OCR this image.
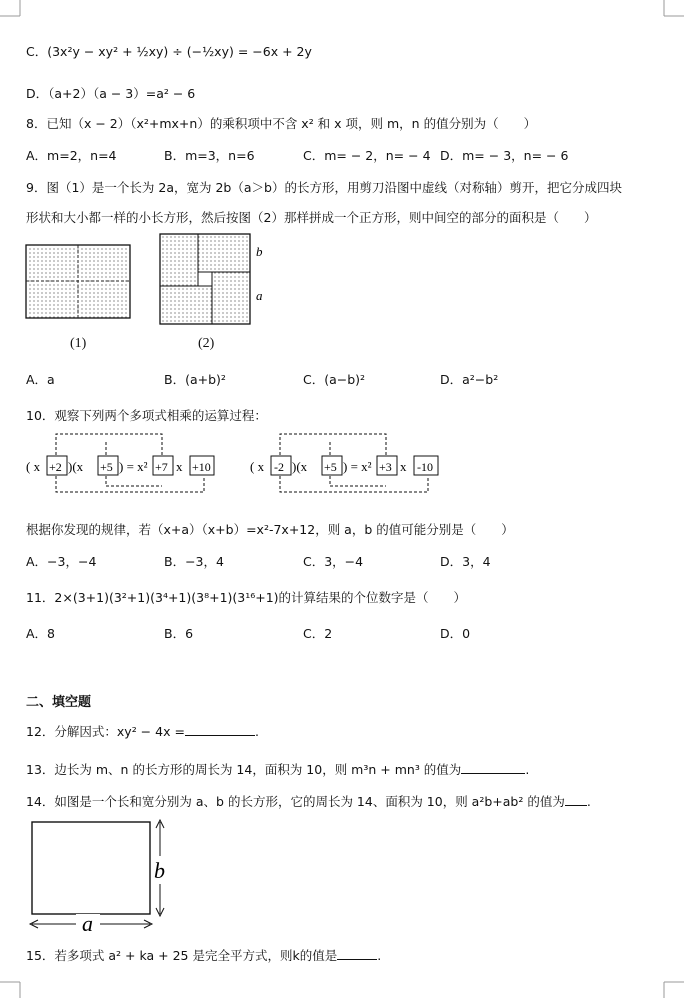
C．(3x²y − xy² + ½xy) ÷ (−½xy) = −6x + 2y
D．（a+2）（a − 3）=a² − 6
8．已知（x − 2）（x²+mx+n）的乘积项中不含 x² 和 x 项，则 m，n 的值分别为（　　）
A．m=2，n=4	B．m=3，n=6	C．m= − 2，n= − 4 D．m= − 3，n= − 6
9．图（1）是一个长为 2a，宽为 2b（a＞b）的长方形，用剪刀沿图中虚线（对称轴）剪开，把它分成四块
形状和大小都一样的小长方形，然后按图（2）那样拼成一个正方形，则中间空的部分的面积是（　　）
(1)
b
a
(2)
A．a	B．(a+b)²	C．(a−b)²	D．a²−b²
10．观察下列两个多项式相乘的运算过程：
( x +2 )(x +5 ) = x² +7 x +10	( x -2 )(x +5 ) = x² +3 x -10
根据你发现的规律，若（x+a）（x+b）=x²-7x+12，则 a，b 的值可能分别是（　　）
A．−3，−4	B．−3，4	C．3，−4	D．3，4
11．2×(3+1)(3²+1)(3⁴+1)(3⁸+1)(3¹⁶+1)的计算结果的个位数字是（　　）
A．8	B．6	C．2	D．0
二、填空题
12．分解因式：xy² − 4x =	.
13．边长为 m、n 的长方形的周长为 14，面积为 10，则 m³n + mn³ 的值为	.
14．如图是一个长和宽分别为 a、b 的长方形，它的周长为 14、面积为 10，则 a²b+ab² 的值为 .
b
a
15．若多项式 a² + ka + 25 是完全平方式，则k的值是	.
